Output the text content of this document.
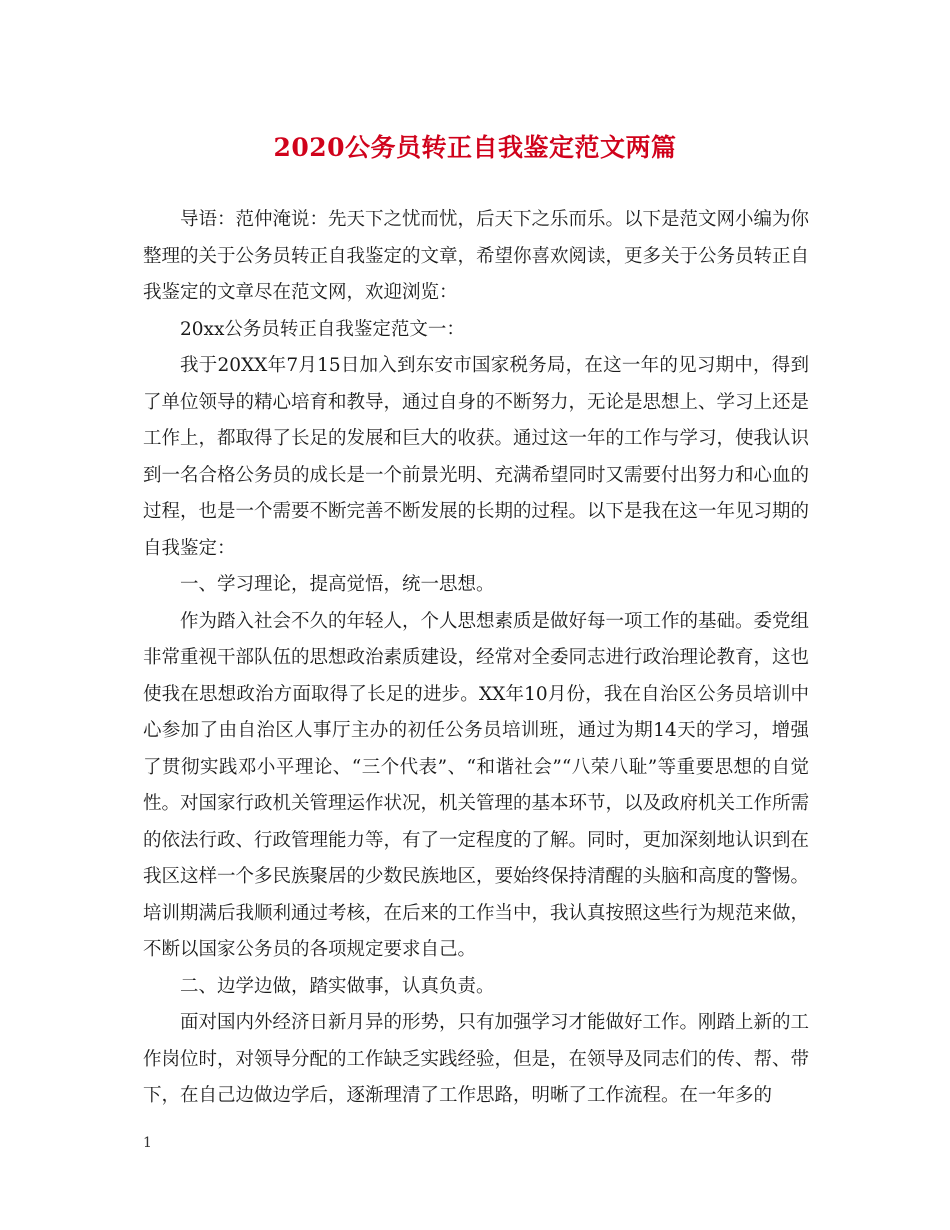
2020公务员转正自我鉴定范文两篇

导语：范仲淹说：先天下之忧而忧，后天下之乐而乐。以下是范文网小编为你整理的关于公务员转正自我鉴定的文章，希望你喜欢阅读，更多关于公务员转正自我鉴定的文章尽在范文网，欢迎浏览：

20xx公务员转正自我鉴定范文一：

我于20XX年7月15日加入到东安市国家税务局，在这一年的见习期中，得到了单位领导的精心培育和教导，通过自身的不断努力，无论是思想上、学习上还是工作上，都取得了长足的发展和巨大的收获。通过这一年的工作与学习，使我认识到一名合格公务员的成长是一个前景光明、充满希望同时又需要付出努力和心血的过程，也是一个需要不断完善不断发展的长期的过程。以下是我在这一年见习期的自我鉴定：

一、学习理论，提高觉悟，统一思想。

作为踏入社会不久的年轻人，个人思想素质是做好每一项工作的基础。委党组非常重视干部队伍的思想政治素质建设，经常对全委同志进行政治理论教育，这也使我在思想政治方面取得了长足的进步。XX年10月份，我在自治区公务员培训中心参加了由自治区人事厅主办的初任公务员培训班，通过为期14天的学习，增强了贯彻实践邓小平理论、“三个代表”、“和谐社会”“八荣八耻”等重要思想的自觉性。对国家行政机关管理运作状况，机关管理的基本环节，以及政府机关工作所需的依法行政、行政管理能力等，有了一定程度的了解。同时，更加深刻地认识到在我区这样一个多民族聚居的少数民族地区，要始终保持清醒的头脑和高度的警惕。培训期满后我顺利通过考核，在后来的工作当中，我认真按照这些行为规范来做，不断以国家公务员的各项规定要求自己。

二、边学边做，踏实做事，认真负责。

面对国内外经济日新月异的形势，只有加强学习才能做好工作。刚踏上新的工作岗位时，对领导分配的工作缺乏实践经验，但是，在领导及同志们的传、帮、带下，在自己边做边学后，逐渐理清了工作思路，明晰了工作流程。在一年多的

1
